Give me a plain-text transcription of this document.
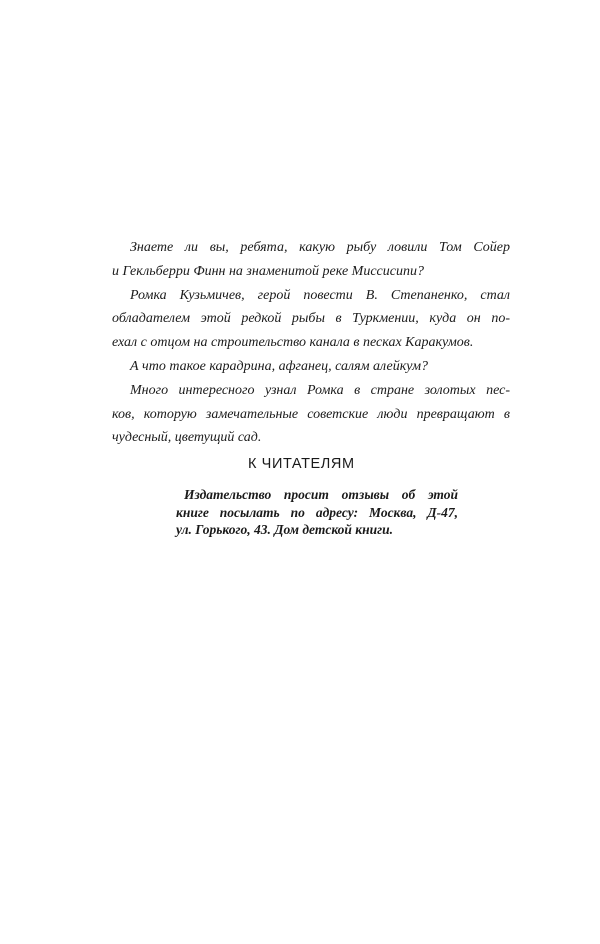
Знаете ли вы, ребята, какую рыбу ловили Том Сойер
и Гекльберри Финн на знаменитой реке Миссисипи?

Ромка Кузьмичев, герой повести В. Степаненко, стал
обладателем этой редкой рыбы в Туркмении, куда он по-
ехал с отцом на строительство канала в песках Каракумов.

А что такое карадрина, афганец, салям алейкум?

Много интересного узнал Ромка в стране золотых пес-
ков, которую замечательные советские люди превращают в
чудесный, цветущий сад.

К ЧИТАТЕЛЯМ
Издательство просит отзывы об этой
книге посылать по адресу: Москва, Д-47,
ул. Горького, 43. Дом детской книги.
